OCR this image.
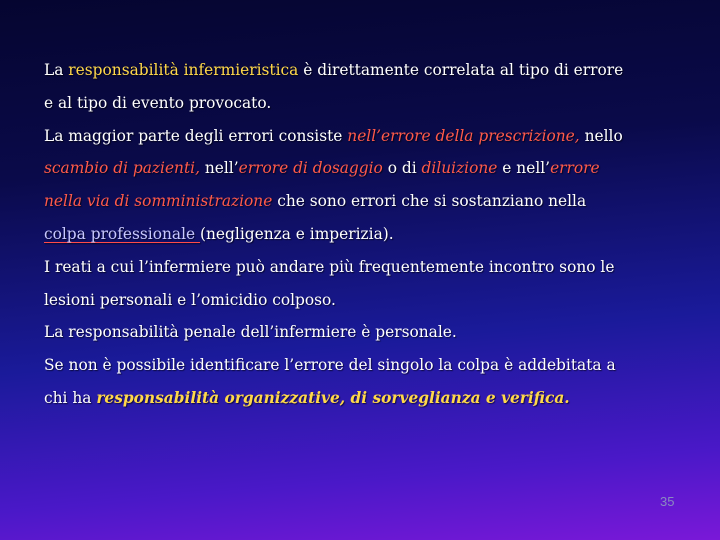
La responsabilità infermieristica è direttamente correlata al tipo di errore
e al tipo di evento provocato.
La maggior parte degli errori consiste nell’errore della prescrizione, nello
scambio di pazienti, nell’errore di dosaggio o di diluizione e nell’errore
nella via di somministrazione che sono errori che si sostanziano nella
colpa professionale (negligenza e imperizia).
I reati a cui l’infermiere può andare più frequentemente incontro sono le
lesioni personali e l’omicidio colposo.
La responsabilità penale dell’infermiere è personale.
Se non è possibile identificare l’errore del singolo la colpa è addebitata a
chi ha responsabilità organizzative, di sorveglianza e verifica.
35
